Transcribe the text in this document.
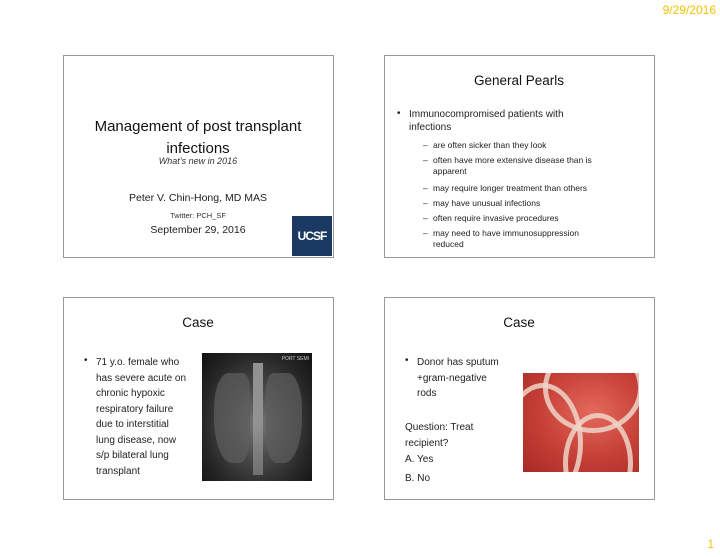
9/29/2016
Management of post transplant
infections
What’s new in 2016
Peter V. Chin-Hong, MD MAS
Twitter: PCH_SF
September 29, 2016	UCSF
General Pearls
• Immunocompromised patients with
infections
– are often sicker than they look
– often have more extensive disease than is
apparent
– may require longer treatment than others
– may have unusual infections
– often require invasive procedures
– may need to have immunosuppression
reduced
Case
• 71 y.o. female who
has severe acute on
chronic hypoxic
respiratory failure
due to interstitial
lung disease, now
s/p bilateral lung
transplant
PORT SEMI
Case
• Donor has sputum
+gram-negative
rods
Question: Treat
recipient?
A. Yes
B. No
1
